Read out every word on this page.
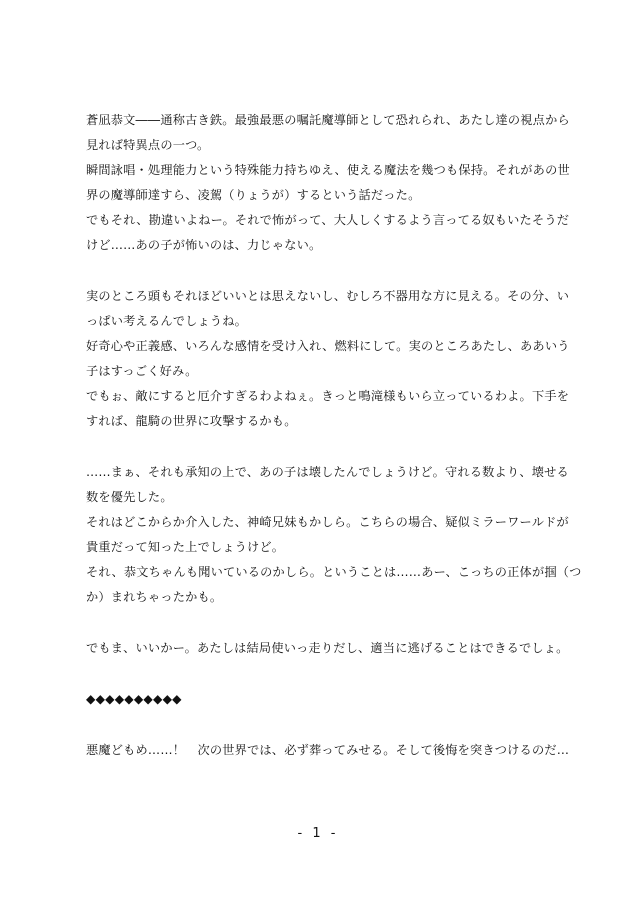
蒼凪恭文――通称古き鉄。最強最悪の嘱託魔導師として恐れられ、あたし達の視点から
見れば特異点の一つ。
瞬間詠唱・処理能力という特殊能力持ちゆえ、使える魔法を幾つも保持。それがあの世
界の魔導師達すら、凌駕（りょうが）するという話だった。
でもそれ、勘違いよねー。それで怖がって、大人しくするよう言ってる奴もいたそうだ
けど……あの子が怖いのは、力じゃない。
実のところ頭もそれほどいいとは思えないし、むしろ不器用な方に見える。その分、い
っぱい考えるんでしょうね。
好奇心や正義感、いろんな感情を受け入れ、燃料にして。実のところあたし、ああいう
子はすっごく好み。
でもぉ、敵にすると厄介すぎるわよねぇ。きっと鳴滝様もいら立っているわよ。下手を
すれば、龍騎の世界に攻撃するかも。
……まぁ、それも承知の上で、あの子は壊したんでしょうけど。守れる数より、壊せる
数を優先した。
それはどこからか介入した、神崎兄妹もかしら。こちらの場合、疑似ミラーワールドが
貴重だって知った上でしょうけど。
それ、恭文ちゃんも聞いているのかしら。ということは……あー、こっちの正体が掴（つ
か）まれちゃったかも。
でもま、いいかー。あたしは結局使いっ走りだし、適当に逃げることはできるでしょ。
◆◆◆◆◆◆◆◆◆◆
悪魔どもめ……！　次の世界では、必ず葬ってみせる。そして後悔を突きつけるのだ…
- 1 -
